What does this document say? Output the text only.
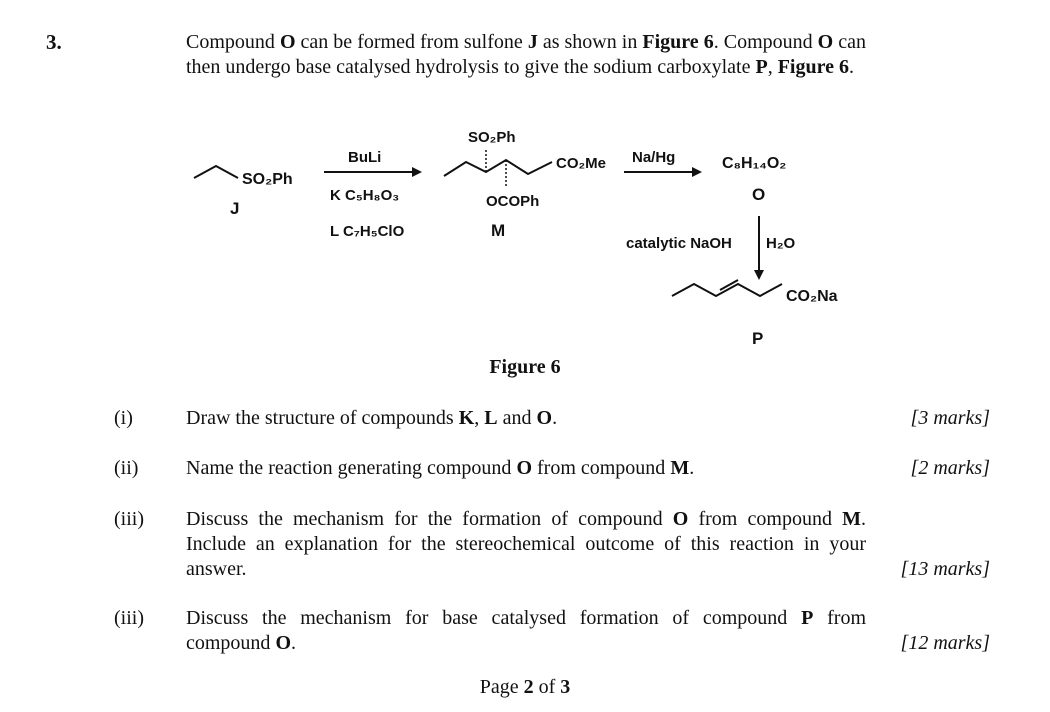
3.	Compound O can be formed from sulfone J as shown in Figure 6. Compound O can then undergo base catalysed hydrolysis to give the sodium carboxylate P, Figure 6.
SO₂Ph
J
BuLi
K C₅H₈O₃
L C₇H₅ClO
SO₂Ph
CO₂Me
OCOPh
M
Na/Hg	C₈H₁₄O₂
O
catalytic NaOH H₂O
CO₂Na
P
Figure 6
(i)	Draw the structure of compounds K, L and O.	[3 marks]
(ii) Name the reaction generating compound O from compound M.	[2 marks]
(iii) Discuss the mechanism for the formation of compound O from compound M. Include an explanation for the stereochemical outcome of this reaction in your answer.	[13 marks]
(iii) Discuss the mechanism for base catalysed formation of compound P from compound O.	[12 marks]
Page 2 of 3
